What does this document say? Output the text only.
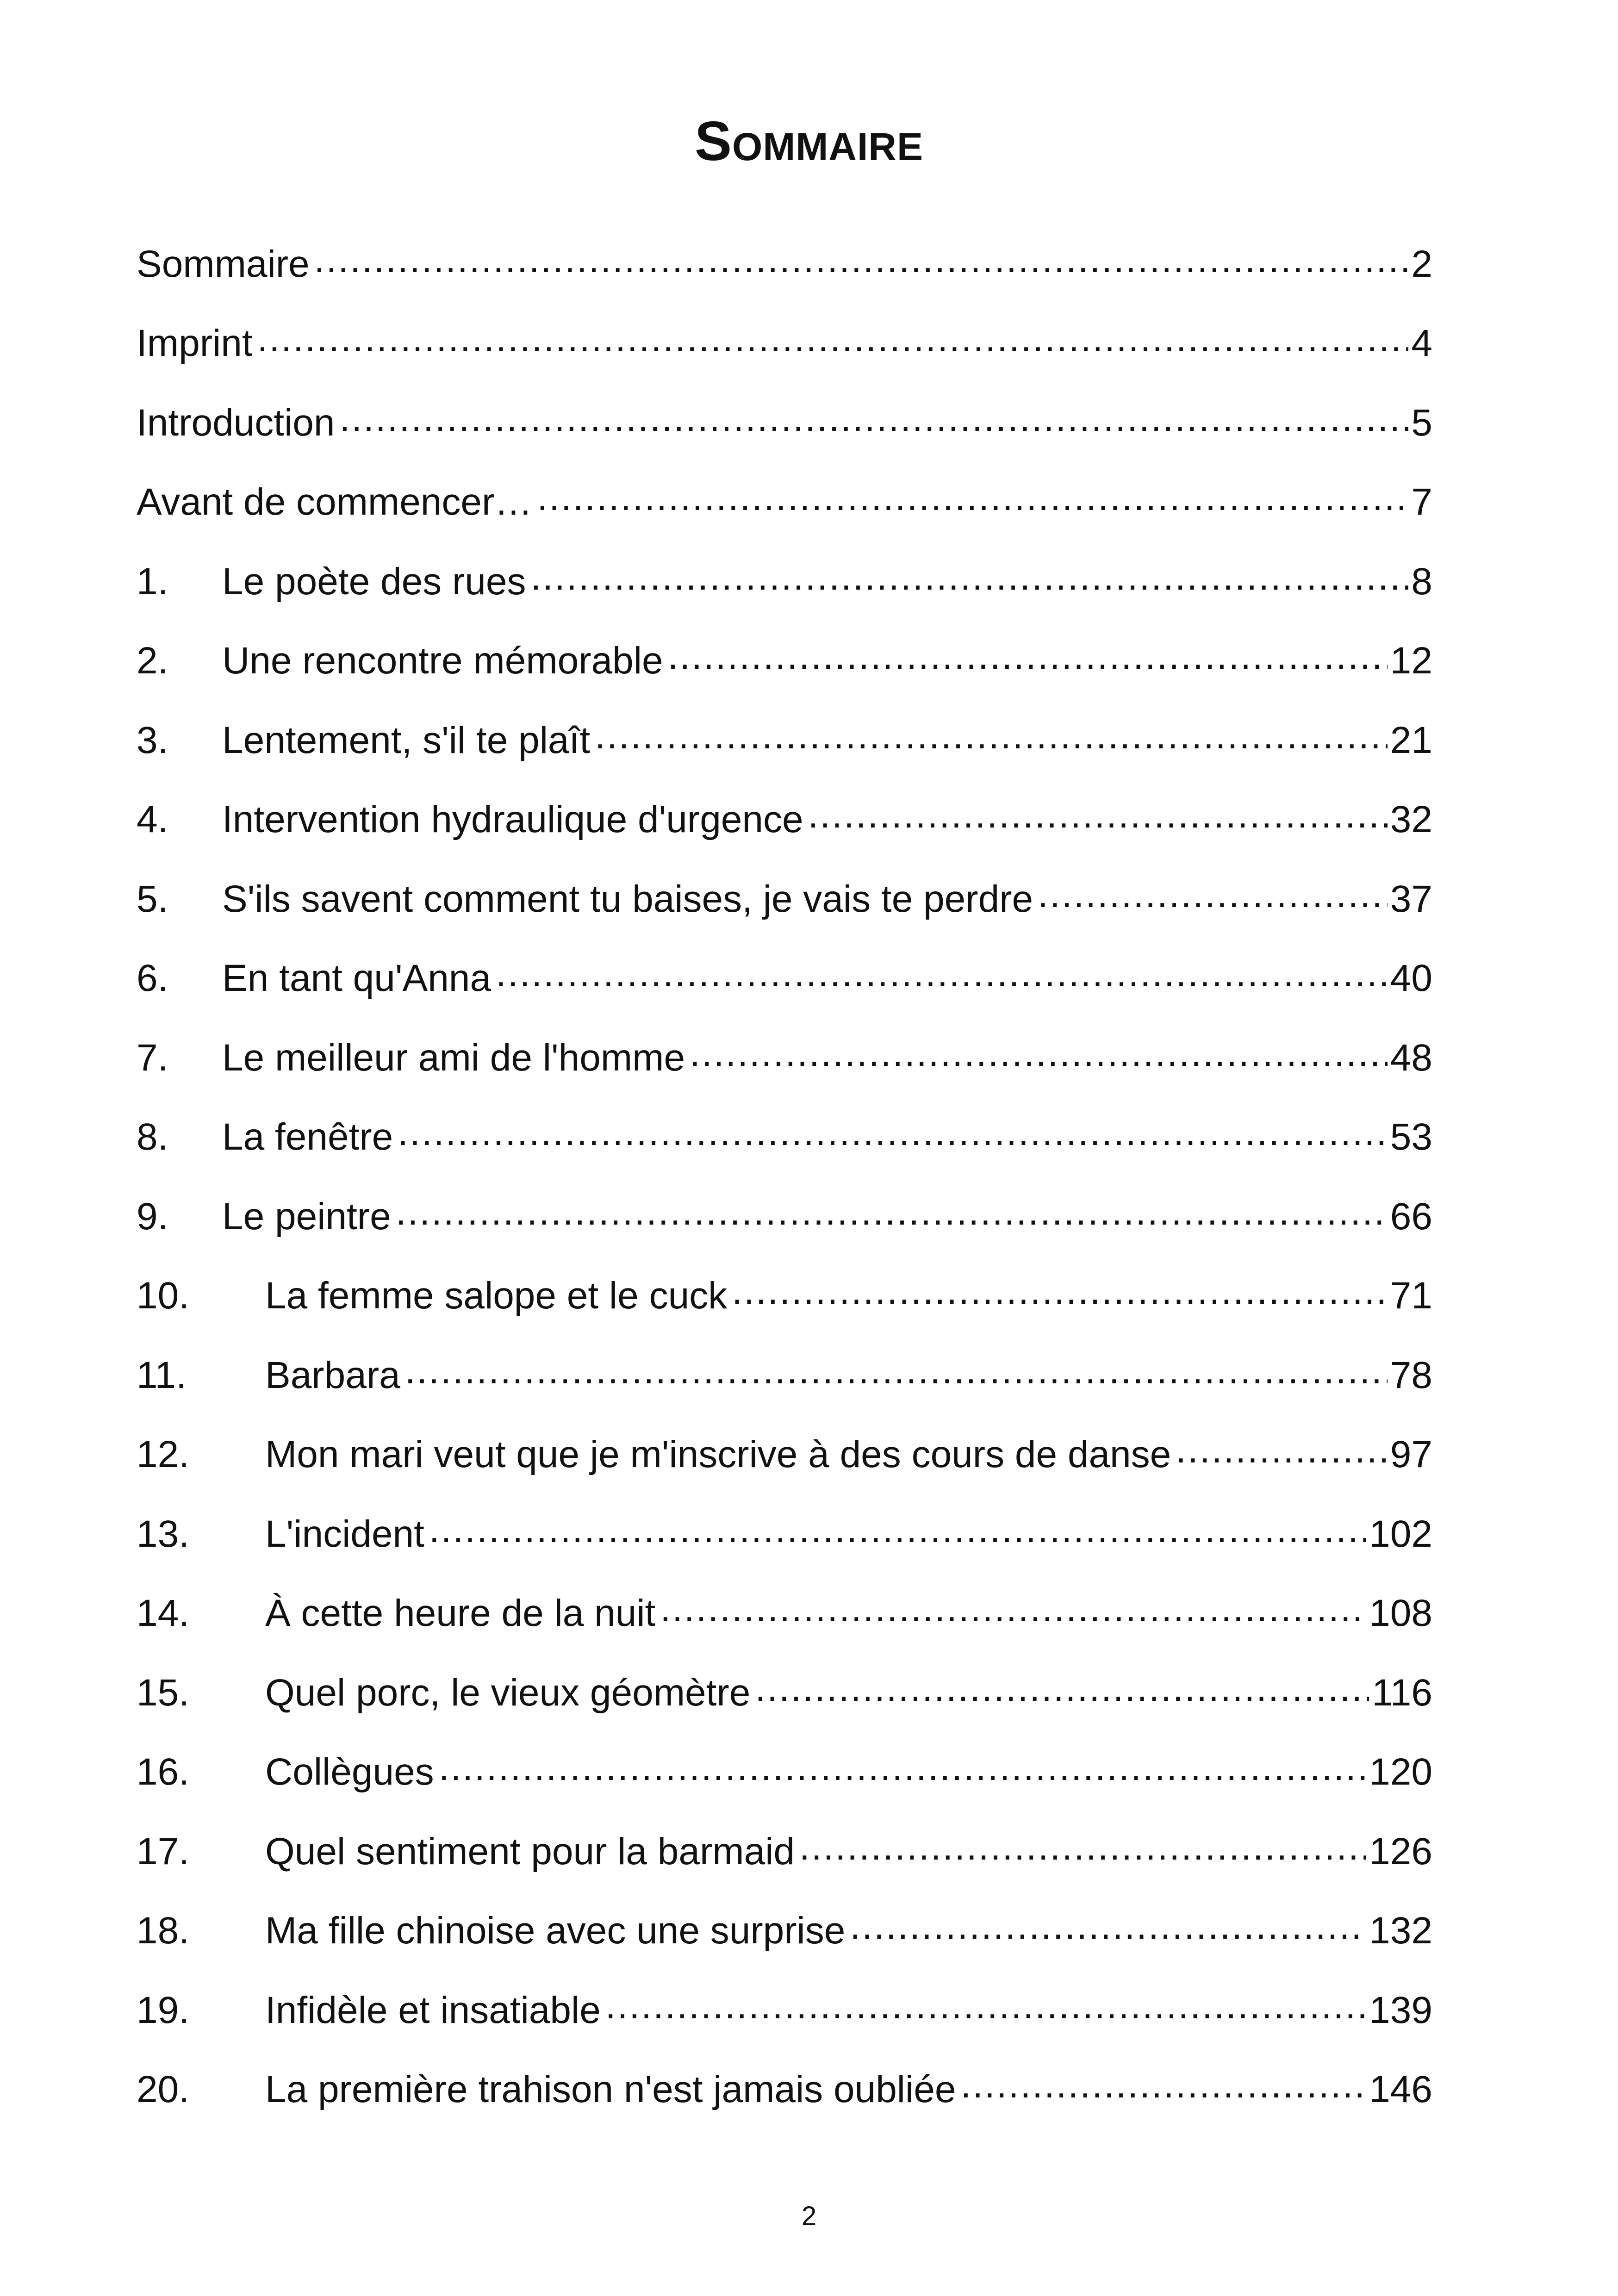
Sommaire
Sommaire .....	2
Imprint .....	4
Introduction .....	5
Avant de commencer… .....	7
1.	Le poète des rues .....	8
2.	Une rencontre mémorable .....	12
3.	Lentement, s'il te plaît .....	21
4.	Intervention hydraulique d'urgence .....	32
5.	S'ils savent comment tu baises, je vais te perdre .....	37
6.	En tant qu'Anna .....	40
7.	Le meilleur ami de l'homme .....	48
8.	La fenêtre .....	53
9.	Le peintre .....	66
10.	La femme salope et le cuck .....	71
11.	Barbara .....	78
12.	Mon mari veut que je m'inscrive à des cours de danse .....	97
13.	L'incident .....	102
14.	À cette heure de la nuit .....	108
15.	Quel porc, le vieux géomètre .....	116
16.	Collègues .....	120
17.	Quel sentiment pour la barmaid .....	126
18.	Ma fille chinoise avec une surprise .....	132
19.	Infidèle et insatiable .....	139
20.	La première trahison n'est jamais oubliée .....	146
2
